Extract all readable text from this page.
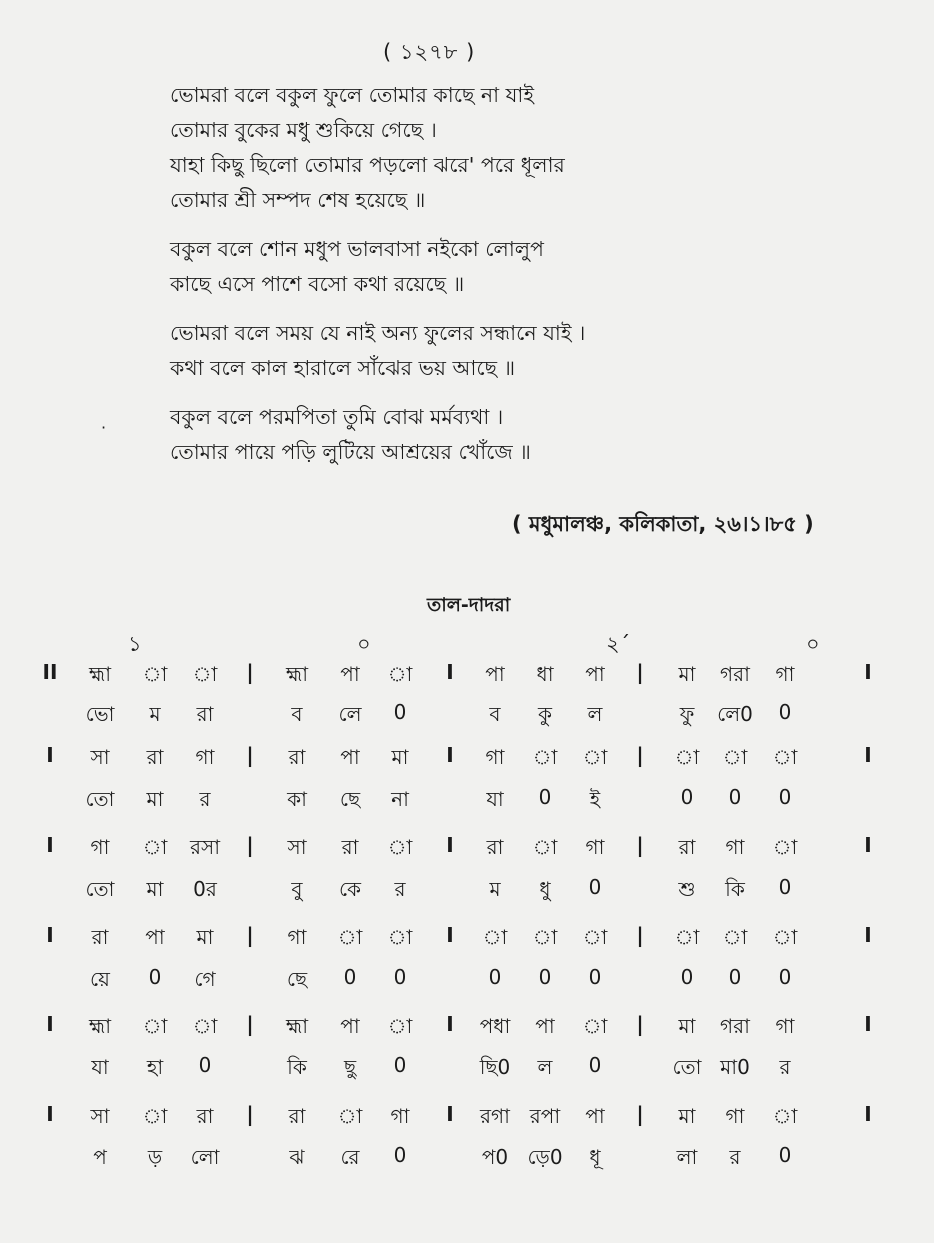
( ১২৭৮ )
ভোমরা বলে বকুল ফুলে তোমার কাছে না যাই
তোমার বুকের মধু শুকিয়ে গেছে ।
যাহা কিছু ছিলো তোমার পড়লো ঝরে' পরে ধূলার
তোমার শ্রী সম্পদ শেষ হয়েছে ॥
বকুল বলে শোন মধুপ ভালবাসা নইকো লোলুপ
কাছে এসে পাশে বসো কথা রয়েছে ॥
ভোমরা বলে সময় যে নাই অন্য ফুলের সন্ধানে যাই ।
কথা বলে কাল হারালে সাঁঝের ভয় আছে ॥
বকুল বলে পরমপিতা তুমি বোঝ মর্মব্যথা ।
তোমার পায়ে পড়ি লুটিয়ে আশ্রয়ের খোঁজে ॥
·
( মধুমালঞ্চ, কলিকাতা, ২৬।১।৮৫ )
তাল-দাদরা
১	০	২´	০
II হ্মা া া | হ্মা পা া I পা ধা পা | মা গরা গা	I
ভো ম রা	ব লে 0	ব কু ল	ফু লে0 0
I সা রা গা | রা পা মা I গা া া | া া া	I
তো মা র	কা ছে না	যা 0 ই	0 0 0
I গা া রসা | সা রা া I রা া গা | রা গা া	I
তো মা 0র	বু কে র	ম ধু 0	শু কি 0
I রা পা মা | গা া া I া া া | া া া	I
য়ে 0 গে	ছে 0 0	0 0 0	0 0 0
I হ্মা া া | হ্মা পা া I পধা পা া | মা গরা গা	I
যা হা 0	কি ছু 0	ছি0 ল 0	তো মা0 র
I সা া রা | রা া গা I রগা রপা পা | মা গা া	I
প ড় লো	ঝ রে 0	প0 ড়ে0 ধূ	লা র 0
